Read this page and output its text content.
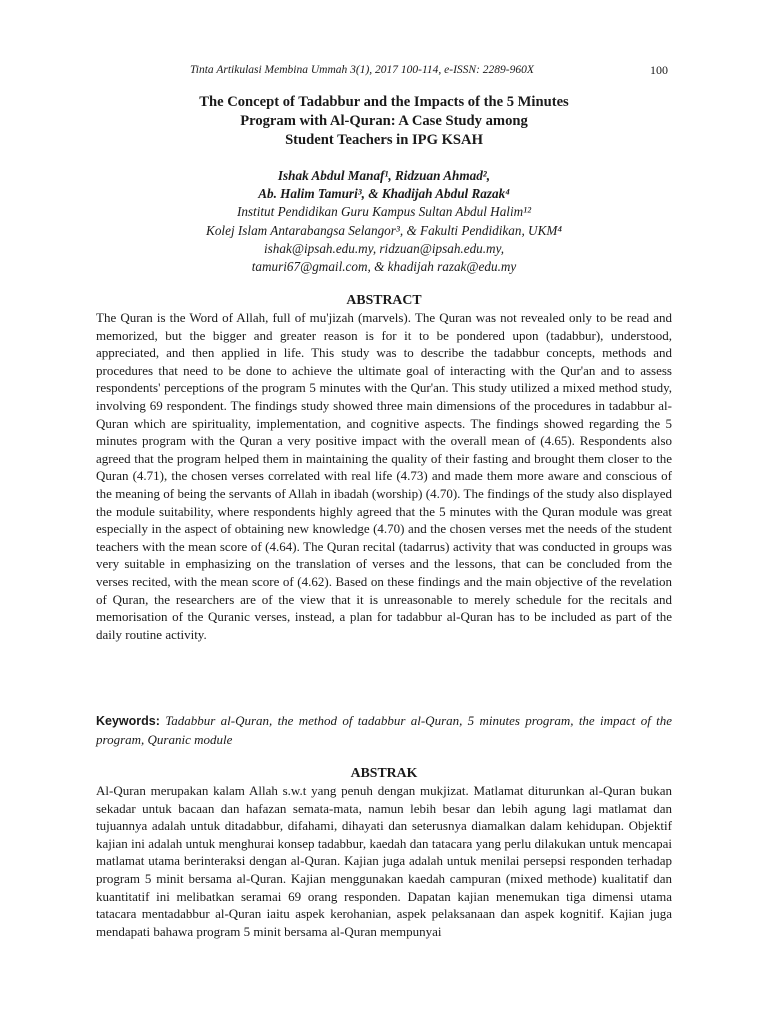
Tinta Artikulasi Membina Ummah 3(1), 2017 100-114, e-ISSN: 2289-960X	100
The Concept of Tadabbur and the Impacts of the 5 Minutes
Program with Al-Quran: A Case Study among
Student Teachers in IPG KSAH
Ishak Abdul Manaf¹, Ridzuan Ahmad²,
Ab. Halim Tamuri³, & Khadijah Abdul Razak⁴
Institut Pendidikan Guru Kampus Sultan Abdul Halim¹²
Kolej Islam Antarabangsa Selangor³, & Fakulti Pendidikan, UKM⁴
ishak@ipsah.edu.my, ridzuan@ipsah.edu.my,
tamuri67@gmail.com, & khadijah razak@edu.my
ABSTRACT

The Quran is the Word of Allah, full of mu'jizah (marvels). The Quran was not revealed only to be read and memorized, but the bigger and greater reason is for it to be pondered upon (tadabbur), understood, appreciated, and then applied in life. This study was to describe the tadabbur concepts, methods and procedures that need to be done to achieve the ultimate goal of interacting with the Qur'an and to assess respondents' perceptions of the program 5 minutes with the Qur'an. This study utilized a mixed method study, involving 69 respondent. The findings study showed three main dimensions of the procedures in tadabbur al-Quran which are spirituality, implementation, and cognitive aspects. The findings showed regarding the 5 minutes program with the Quran a very positive impact with the overall mean of (4.65). Respondents also agreed that the program helped them in maintaining the quality of their fasting and brought them closer to the Quran (4.71), the chosen verses correlated with real life (4.73) and made them more aware and conscious of the meaning of being the servants of Allah in ibadah (worship) (4.70). The findings of the study also displayed the module suitability, where respondents highly agreed that the 5 minutes with the Quran module was great especially in the aspect of obtaining new knowledge (4.70) and the chosen verses met the needs of the student teachers with the mean score of (4.64). The Quran recital (tadarrus) activity that was conducted in groups was very suitable in emphasizing on the translation of verses and the lessons, that can be concluded from the verses recited, with the mean score of (4.62). Based on these findings and the main objective of the revelation of Quran, the researchers are of the view that it is unreasonable to merely schedule for the recitals and memorisation of the Quranic verses, instead, a plan for tadabbur al-Quran has to be included as part of the daily routine activity.

Keywords: Tadabbur al-Quran, the method of tadabbur al-Quran, 5 minutes program, the impact of the program, Quranic module
ABSTRAK

Al-Quran merupakan kalam Allah s.w.t yang penuh dengan mukjizat. Matlamat diturunkan al-Quran bukan sekadar untuk bacaan dan hafazan semata-mata, namun lebih besar dan lebih agung lagi matlamat dan tujuannya adalah untuk ditadabbur, difahami, dihayati dan seterusnya diamalkan dalam kehidupan. Objektif kajian ini adalah untuk menghurai konsep tadabbur, kaedah dan tatacara yang perlu dilakukan untuk mencapai matlamat utama berinteraksi dengan al-Quran. Kajian juga adalah untuk menilai persepsi responden terhadap program 5 minit bersama al-Quran. Kajian menggunakan kaedah campuran (mixed methode) kualitatif dan kuantitatif ini melibatkan seramai 69 orang responden. Dapatan kajian menemukan tiga dimensi utama tatacara mentadabbur al-Quran iaitu aspek kerohanian, aspek pelaksanaan dan aspek kognitif. Kajian juga mendapati bahawa program 5 minit bersama al-Quran mempunyai
